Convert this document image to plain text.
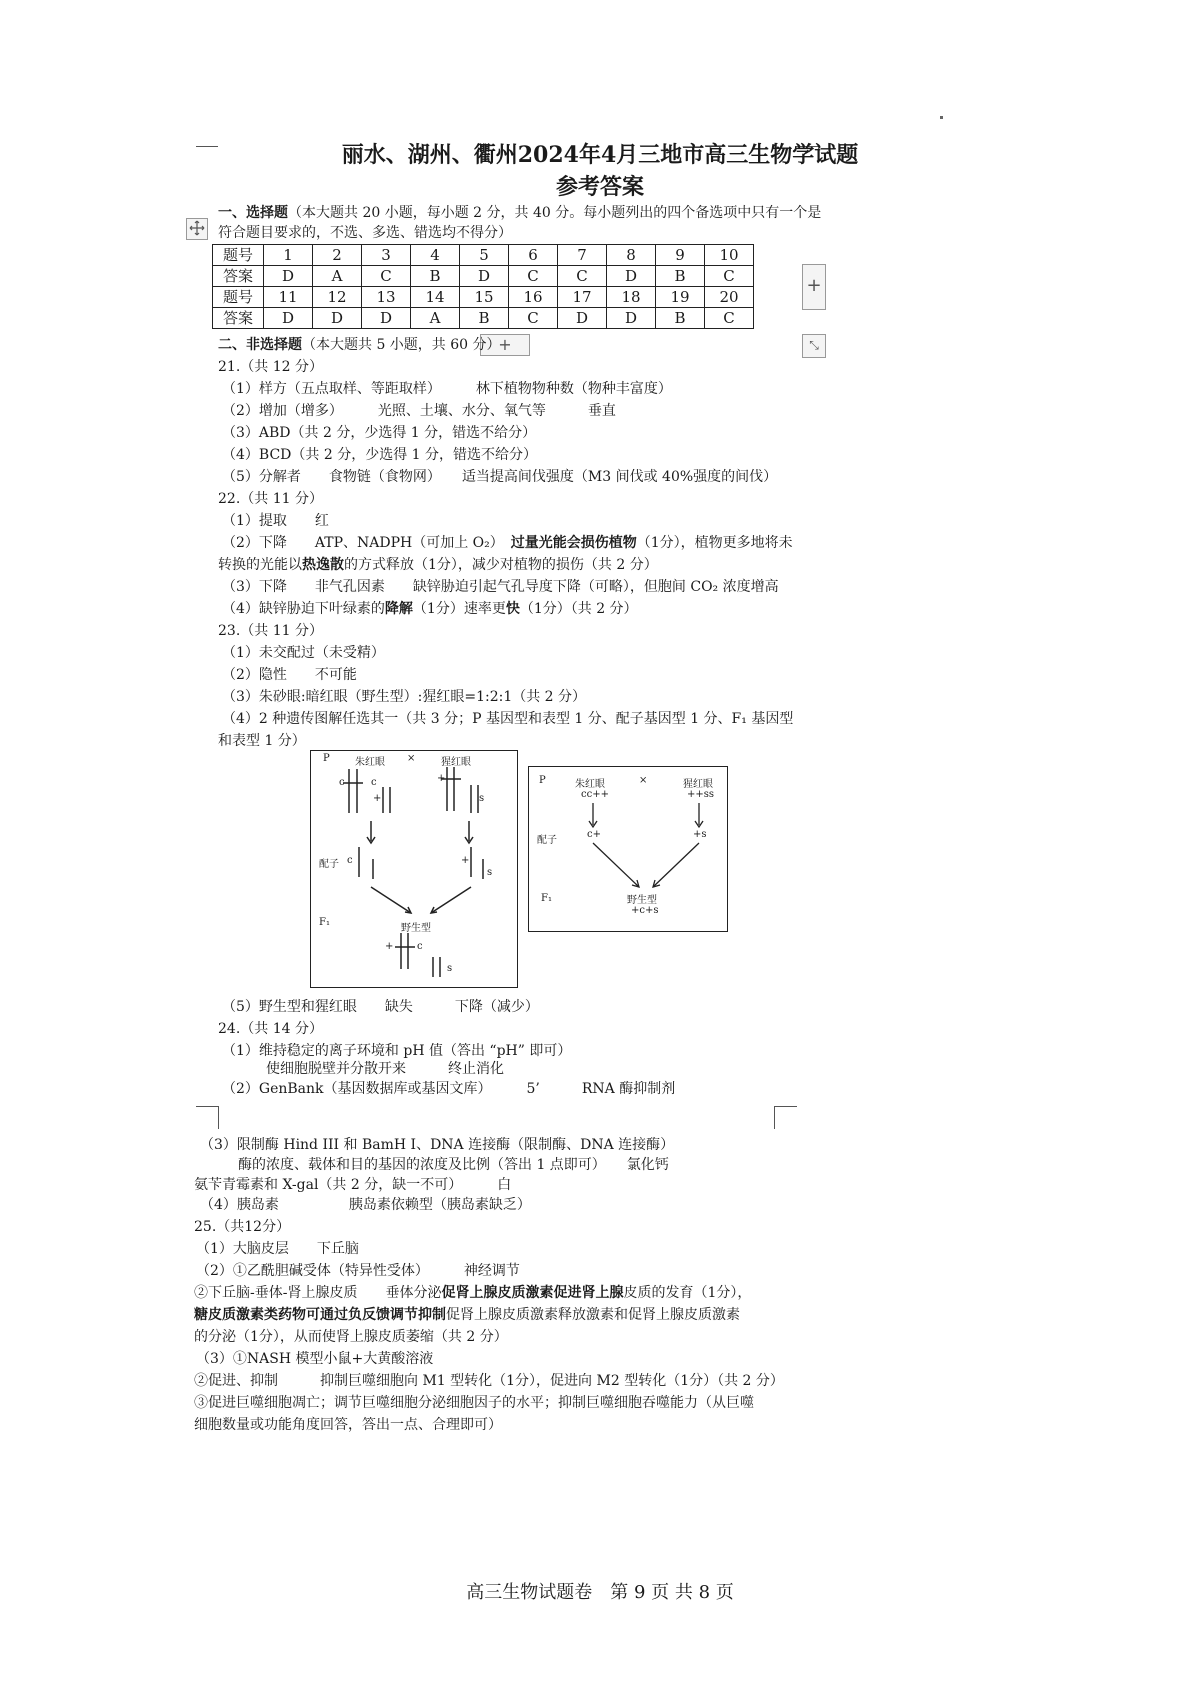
丽水、湖州、衢州2024年4月三地市高三生物学试题
参考答案
一、选择题（本大题共 20 小题，每小题 2 分，共 40 分。每小题列出的四个备选项中只有一个是
符合题目要求的，不选、多选、错选均不得分）
题号	1	2	3	4	5	6	7	8	9	10
答案	D	A	C	B	D	C	C	D	B	C
题号	11	12	13	14	15	16	17	18	19	20
答案	D	D	D	A	B	C	D	D	B	C
+
+	⤡
二、非选择题（本大题共 5 小题，共 60 分）
21.（共 12 分）
（1）样方（五点取样、等距取样）　　　林下植物物种数（物种丰富度）
（2）增加（增多）　　　光照、土壤、水分、氧气等　　　垂直
（3）ABD（共 2 分，少选得 1 分，错选不给分）
（4）BCD（共 2 分，少选得 1 分，错选不给分）
（5）分解者　　食物链（食物网）　　适当提高间伐强度（M3 间伐或 40%强度的间伐）
22.（共 11 分）
（1）提取　　红
（2）下降　　ATP、NADPH（可加上 O₂）　过量光能会损伤植物（1分），植物更多地将未
转换的光能以热逸散的方式释放（1分），减少对植物的损伤（共 2 分）
（3）下降　　非气孔因素　　缺锌胁迫引起气孔导度下降（可略），但胞间 CO₂ 浓度增高
（4）缺锌胁迫下叶绿素的降解（1分）速率更快（1分）（共 2 分）
23.（共 11 分）
（1）未交配过（未受精）
（2）隐性　　不可能
（3）朱砂眼:暗红眼（野生型）:猩红眼=1:2:1（共 2 分）
（4）2 种遗传图解任选其一（共 3 分；P 基因型和表型 1 分、配子基因型 1 分、F₁ 基因型
和表型 1 分）
P	朱红眼 ×	猩红眼
配子
F₁
野生型
c	c
+
+
s
c	+
s
+ c
s
P	朱红眼	×	猩红眼
cc++	++ss
配子
c+	+s
F₁	野生型
+c+s
（5）野生型和猩红眼　　缺失　　　下降（减少）
24.（共 14 分）
（1）维持稳定的离子环境和 pH 值（答出 “pH” 即可）
　　使细胞脱壁并分散开来　　　终止消化
（2）GenBank（基因数据库或基因文库）　　　5’　　　RNA 酶抑制剂
（3）限制酶 Hind III 和 BamH I、DNA 连接酶（限制酶、DNA 连接酶）
　　酶的浓度、载体和目的基因的浓度及比例（答出 1 点即可）　　氯化钙
氨苄青霉素和 X-gal（共 2 分，缺一不可）　　　白
（4）胰岛素　　　　　胰岛素依赖型（胰岛素缺乏）
25.（共12分）
（1）大脑皮层　　下丘脑
（2）①乙酰胆碱受体（特异性受体）　　　神经调节
②下丘脑-垂体-肾上腺皮质　　垂体分泌促肾上腺皮质激素促进肾上腺皮质的发育（1分），
糖皮质激素类药物可通过负反馈调节抑制促肾上腺皮质激素释放激素和促肾上腺皮质激素
的分泌（1分），从而使肾上腺皮质萎缩（共 2 分）
（3）①NASH 模型小鼠+大黄酸溶液
②促进、抑制　　　抑制巨噬细胞向 M1 型转化（1分），促进向 M2 型转化（1分）（共 2 分）
③促进巨噬细胞凋亡；调节巨噬细胞分泌细胞因子的水平；抑制巨噬细胞吞噬能力（从巨噬
细胞数量或功能角度回答，答出一点、合理即可）
高三生物试题卷　第 9 页 共 8 页
